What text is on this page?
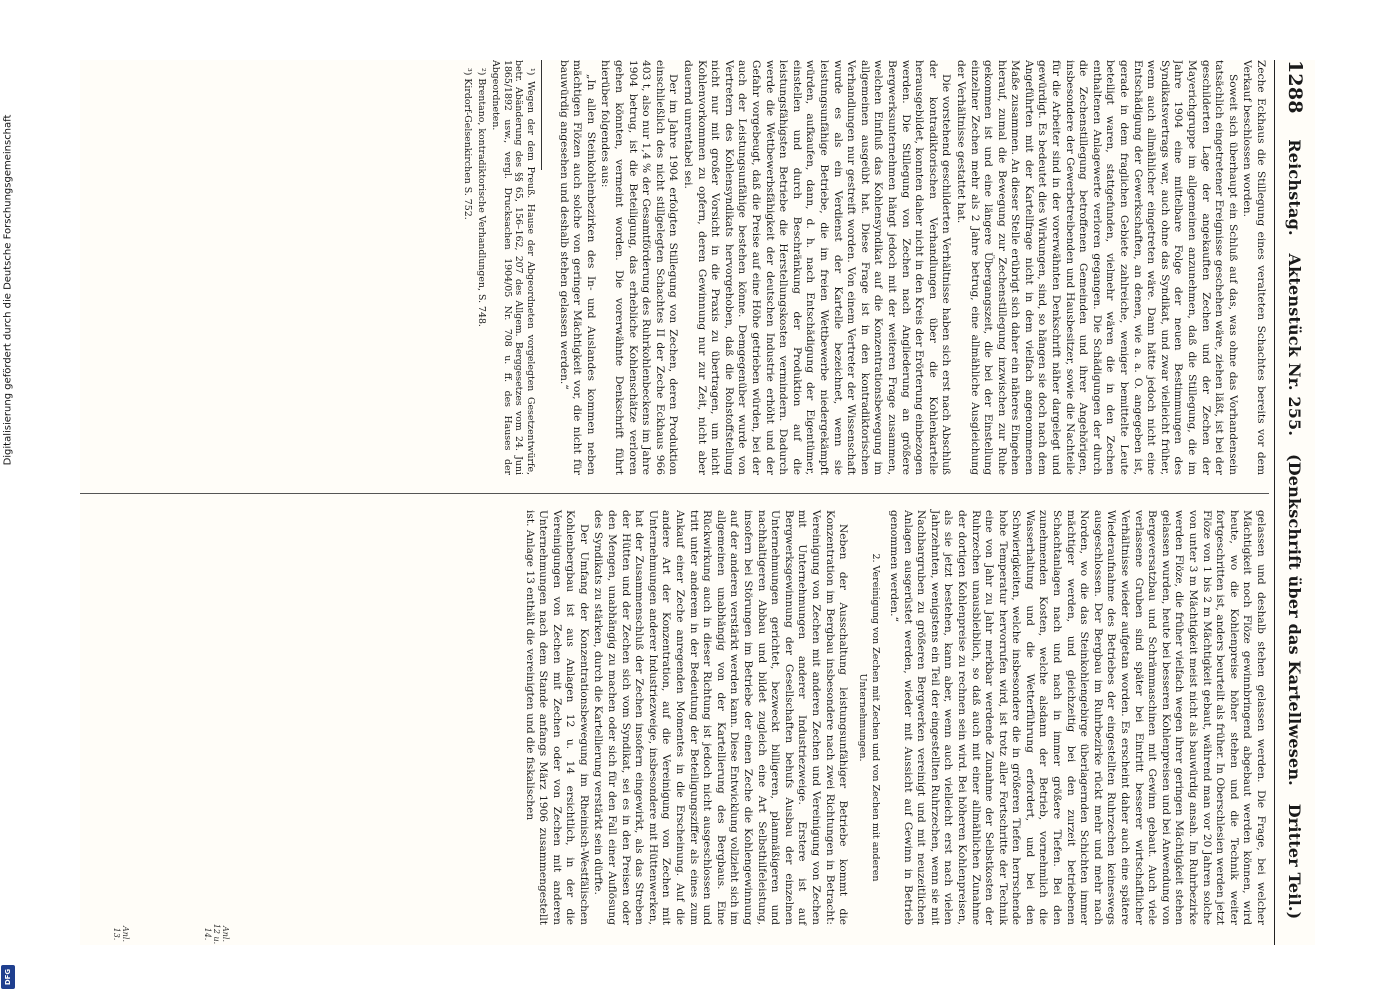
Digitalisierung gefördert durch die Deutsche Forschungsgemeinschaft
DFG
1288
Reichstag. Aktenstück Nr. 255. (Denkschrift über das Kartellwesen. Dritter Teil.)

Zeche Eckhaus die Stillegung eines veralteten Schachtes bereits vor dem Verkauf beschlossen worden.

Soweit sich überhaupt ein Schluß auf das, was ohne das Vorhandensein tatsächlich eingetretener Ereignisse geschehen wäre, ziehen läßt, ist bei der geschilderten Lage der angekauften Zechen und der Zechen der Mayerichgruppe im allgemeinen anzunehmen, daß die Stillegung, die im Jahre 1904 eine mittelbare Folge der neuen Bestimmungen des Syndikatsvertrags war, auch ohne das Syndikat, und zwar vielleicht früher, wenn auch allmählicher eingetreten wäre. Dann hätte jedoch nicht eine Entschädigung der Gewerkschaften, an denen, wie a. a. O. angegeben ist, gerade in dem fraglichen Gebiete zahlreiche, weniger bemittelte Leute beteiligt waren, stattgefunden, vielmehr wären die in den Zechen enthaltenen Anlagewerte verloren gegangen. Die Schädigungen der durch die Zechenstillegung betroffenen Gemeinden und ihrer Angehörigen, insbesondere der Gewerbetreibenden und Hausbesitzer, sowie die Nachteile für die Arbeiter sind in der vorerwähnten Denkschrift näher dargelegt und gewürdigt. Es bedeutet dies Wirkungen, sind, so hängen sie doch nach dem Angeführten mit der Kartellfrage nicht in dem vielfach angenommenen Maße zusammen. An dieser Stelle erübrigt sich daher ein näheres Eingehen hierauf, zumal die Bewegung zur Zechenstillegung inzwischen zur Ruhe gekommen ist und eine längere Übergangszeit, die bei der Einstellung einzelner Zechen mehr als 2 Jahre betrug, eine allmähliche Ausgleichung der Verhältnisse gestattet hat.

Die vorstehend geschilderten Verhältnisse haben sich erst nach Abschluß der kontradiktorischen Verhandlungen über die Kohlenkartelle herausgebildet, konnten daher nicht in den Kreis der Erörterung einbezogen werden. Die Stillegung von Zechen nach Angliederung an größere Bergwerksunternehmen hängt jedoch mit der weiteren Frage zusammen, welchen Einfluß das Kohlensyndikat auf die Konzentrationsbewegung im allgemeinen ausgeübt hat. Diese Frage ist in den kontradiktorischen Verhandlungen nur gestreift worden. Von einem Vertreter der Wissenschaft wurde es als ein Verdienst der Kartelle bezeichnet, wenn sie leistungsunfähige Betriebe, die im freien Wettbewerbe niedergekämpft würden, aufkaufen, dann, d. h. nach Entschädigung der Eigentümer, einstellen und durch Beschränkung der Produktion auf die leistungsfähigsten Betriebe die Herstellungskosten vermindern. Dadurch werde die Wettbewerbsfähigkeit der deutschen Industrie erhöht und der Gefahr vorgebeugt, daß die Preise auf eine Höhe getrieben würden, bei der auch der Leistungsunfähige bestehen könne. Demgegenüber wurde von Vertretern des Kohlensyndikats hervorgehoben, daß die Rohstoffstellung nicht nur mit großer Vorsicht in die Praxis zu übertragen, um nicht Kohlenvorkommen zu opfern, deren Gewinnung nur zur Zeit, nicht aber dauernd unrentabel sei.

Der im Jahre 1904 erfolgten Stillegung von Zechen, deren Produktion einschließlich des nicht stillgelegten Schachtes II der Zeche Eckhaus 966 403 t, also nur 1,4 % der Gesamtförderung des Ruhrkohlenbeckens im Jahre 1904 betrug, ist die Beteiligung, das erhebliche Kohlenschätze verloren gehen könnten, vermeint worden. Die vorerwähnte Denkschrift führt hierüber folgendes aus:

„In allen Steinkohlenbezirken des In- und Auslandes kommen neben mächtigen Flözen auch solche von geringer Mächtigkeit vor, die nicht für bauwürdig angesehen und deshalb stehen gelassen werden.“

¹) Wegen der dem Preuß. Hause der Abgeordneten vorgelegten Gesetzentwürfe, betr. Abänderung des §§ 65, 156–162, 207 des Allgem. Berggesetzes vom 24. Juni 1865/1892 usw., vergl. Drucksachen 1904/05 Nr. 708 u. ff. des Hauses der Abgeordneten.

²) Brentano, kontradiktorische Verhandlungen, S. 748.

³) Kirdorf-Gelsenkirchen S. 752.

gelassen und deshalb stehen gelassen werden. Die Frage, bei welcher Mächtigkeit noch Flöze gewinnbringend abgebaut werden können, wird heute, wo die Kohlenpreise höher stehen und die Technik weiter fortgeschritten ist, anders beurteilt als früher. In Oberschlesien werden jetzt Flöze von 1 bis 2 m Mächtigkeit gebaut, während man vor 20 Jahren solche von unter 3 m Mächtigkeit meist nicht als bauwürdig ansah. Im Ruhrbezirke werden Flöze, die früher vielfach wegen ihrer geringen Mächtigkeit stehen gelassen wurden, heute bei besseren Kohlenpreisen und bei Anwendung von Bergeversatzbau und Schrämmaschinen mit Gewinn gebaut. Auch viele verlassene Gruben sind später bei Eintritt besserer wirtschaftlicher Verhältnisse wieder aufgetan worden. Es erscheint daher auch eine spätere Wiederaufnahme des Betriebes der eingestellten Ruhrzechen keineswegs ausgeschlossen. Der Bergbau im Ruhrbezirke rückt mehr und mehr nach Norden, wo die das Steinkohlengebirge überlagernden Schichten immer mächtiger werden, und gleichzeitig bei den zurzeit betriebenen Schachtanlagen nach und nach in immer größere Tiefen. Bei den zunehmenden Kosten, welche alsdann der Betrieb, vornehmlich die Wasserhaltung und die Wetterführung erfordert, und bei den Schwierigkeiten, welche insbesondere die in größeren Tiefen herrschende hohe Temperatur hervorrufen wird, ist trotz aller Fortschritte der Technik eine von Jahr zu Jahr merkbar werdende Zunahme der Selbstkosten der Ruhrzechen unausbleiblich, so daß auch mit einer allmählichen Zunahme der dortigen Kohlenpreise zu rechnen sein wird. Bei höheren Kohlenpreisen, als sie jetzt bestehen, kann aber, wenn auch vielleicht erst nach vielen Jahrzehnten, wenigstens ein Teil der eingestellten Ruhrzechen, wenn sie mit Nachbargruben zu größeren Bergwerken vereinigt und mit neuzeitlichen Anlagen ausgerüstet werden, wieder mit Aussicht auf Gewinn in Betrieb genommen werden.“

2. Vereinigung von Zechen mit Zechen und von Zechen mit anderen Unternehmungen.

Neben der Ausschaltung leistungsunfähiger Betriebe kommt die Konzentration im Bergbau insbesondere nach zwei Richtungen in Betracht: Vereinigung von Zechen mit anderen Zechen und Vereinigung von Zechen mit Unternehmungen anderer Industriezweige. Erstere ist auf Bergwerksgewinnung der Gesellschaften behufs Ausbau der einzelnen Unternehmungen gerichtet, bezweckt billigeren, planmäßigeren und nachhaltigeren Abbau und bildet zugleich eine Art Selbsthilfeleistung, insofern bei Störungen im Betriebe der einen Zeche die Kohlengewinnung auf der anderen verstärkt werden kann. Diese Entwicklung vollzieht sich im allgemeinen unabhängig von der Kartellierung des Bergbaus. Eine Rückwirkung auch in dieser Richtung ist jedoch nicht ausgeschlossen und tritt unter anderem in der Bedeutung der Beteiligungsziffer als eines zum Ankauf einer Zeche anregenden Momentes in die Erscheinung. Auf die andere Art der Konzentration, auf die Vereinigung von Zechen mit Unternehmungen anderer Industriezweige, insbesondere mit Hüttenwerken, hat der Zusammenschluß der Zechen insofern eingewirkt, als das Streben der Hütten und der Zechen sich vom Syndikat, sei es in den Preisen oder den Mengen, unabhängig zu machen oder sich für den Fall einer Auflösung des Syndikats zu stärken, durch die Kartellierung verstärkt sein dürfte.

Der Umfang der Konzentrationsbewegung im Rheinisch-Westfälischen Kohlenbergbau ist aus Anlagen 12 u. 14 ersichtlich, in der die Vereinigungen von Zechen mit Zechen oder von Zechen mit anderen Unternehmungen nach dem Stande anfangs März 1906 zusammengestellt ist. Anlage 13 enthält die vereinigten und die fiskalischen

Anl. 12 u. 14.
Anl. 13.
